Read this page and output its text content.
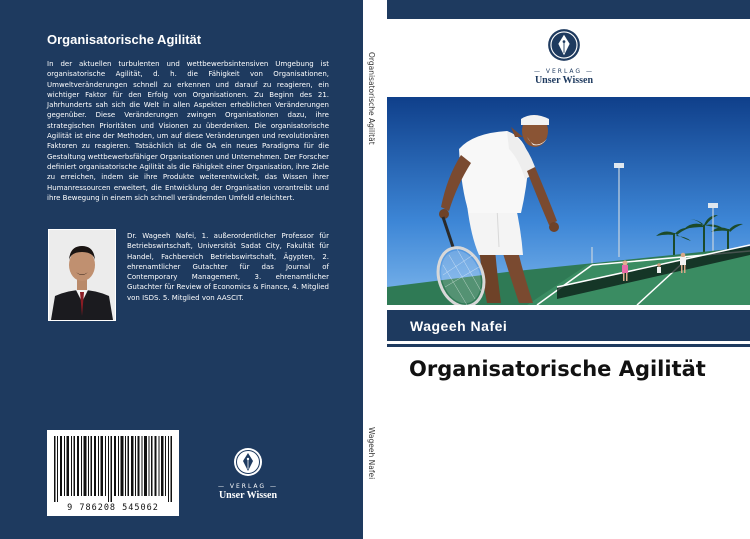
Organisatorische Agilität
In der aktuellen turbulenten und wettbewerbsintensiven Umgebung ist organisatorische Agilität, d. h. die Fähigkeit von Organisationen, Umweltveränderungen schnell zu erkennen und darauf zu reagieren, ein wichtiger Faktor für den Erfolg von Organisationen. Zu Beginn des 21. Jahrhunderts sah sich die Welt in allen Aspekten erheblichen Veränderungen gegenüber. Diese Veränderungen zwingen Organisationen dazu, ihre strategischen Prioritäten und Visionen zu überdenken. Die organisatorische Agilität ist eine der Methoden, um auf diese Veränderungen und revolutionären Faktoren zu reagieren. Tatsächlich ist die OA ein neues Paradigma für die Gestaltung wettbewerbsfähiger Organisationen und Unternehmen. Der Forscher definiert organisatorische Agilität als die Fähigkeit einer Organisation, ihre Ziele zu erreichen, indem sie ihre Produkte weiterentwickelt, das Wissen ihrer Humanressourcen erweitert, die Entwicklung der Organisation vorantreibt und ihre Bewegung in einem sich schnell verändernden Umfeld erleichtert.
Dr. Wageeh Nafei, 1. außerordentlicher Professor für Betriebswirtschaft, Universität Sadat City, Fakultät für Handel, Fachbereich Betriebswirtschaft, Ägypten, 2. ehrenamtlicher Gutachter für das Journal of Contemporary Management, 3. ehrenamtlicher Gutachter für Review of Economics & Finance, 4. Mitglied von ISDS. 5. Mitglied von AASCIT.
9 786208 545062
— VERLAG —
Unser Wissen
Organisatorische Agilität
Wageeh Nafei
— VERLAG —
Unser Wissen
Wageeh Nafei
Organisatorische Agilität
